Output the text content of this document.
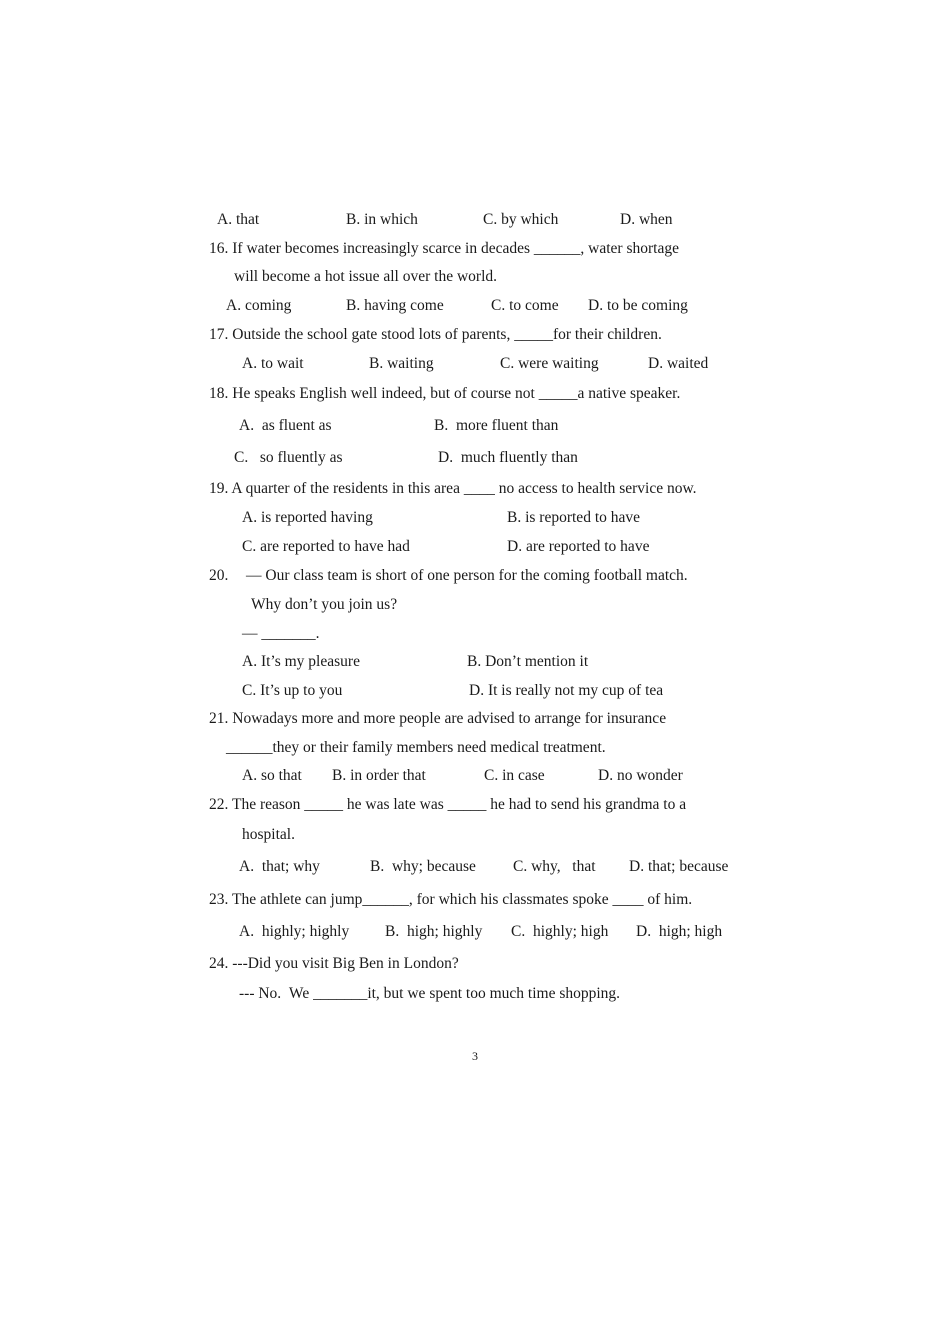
A. that	B. in which	C. by which	D. when
16. If water becomes increasingly scarce in decades ______, water shortage
will become a hot issue all over the world.
A. coming	B. having come	C. to come D. to be coming
17. Outside the school gate stood lots of parents, _____for their children.
A. to wait	B. waiting	C. were waiting	D. waited
18. He speaks English well indeed, but of course not _____a native speaker.
A.  as fluent as	B.  more fluent than
C.   so fluently as	D.  much fluently than
19. A quarter of the residents in this area ____ no access to health service now.
A. is reported having	B. is reported to have
C. are reported to have had	D. are reported to have
20. — Our class team is short of one person for the coming football match.
Why don’t you join us?
— _______.
A. It’s my pleasure	B. Don’t mention it
C. It’s up to you	D. It is really not my cup of tea
21. Nowadays more and more people are advised to arrange for insurance
______they or their family members need medical treatment.
A. so that B. in order that	C. in case	D. no wonder
22. The reason _____ he was late was _____ he had to send his grandma to a
hospital.
A.  that; why	B.  why; because C. why,   that D. that; because
23. The athlete can jump______, for which his classmates spoke ____ of him.
A.  highly; highly B.  high; highly C.  highly; high D.  high; high
24. ---Did you visit Big Ben in London?
--- No.  We _______it, but we spent too much time shopping.
3
